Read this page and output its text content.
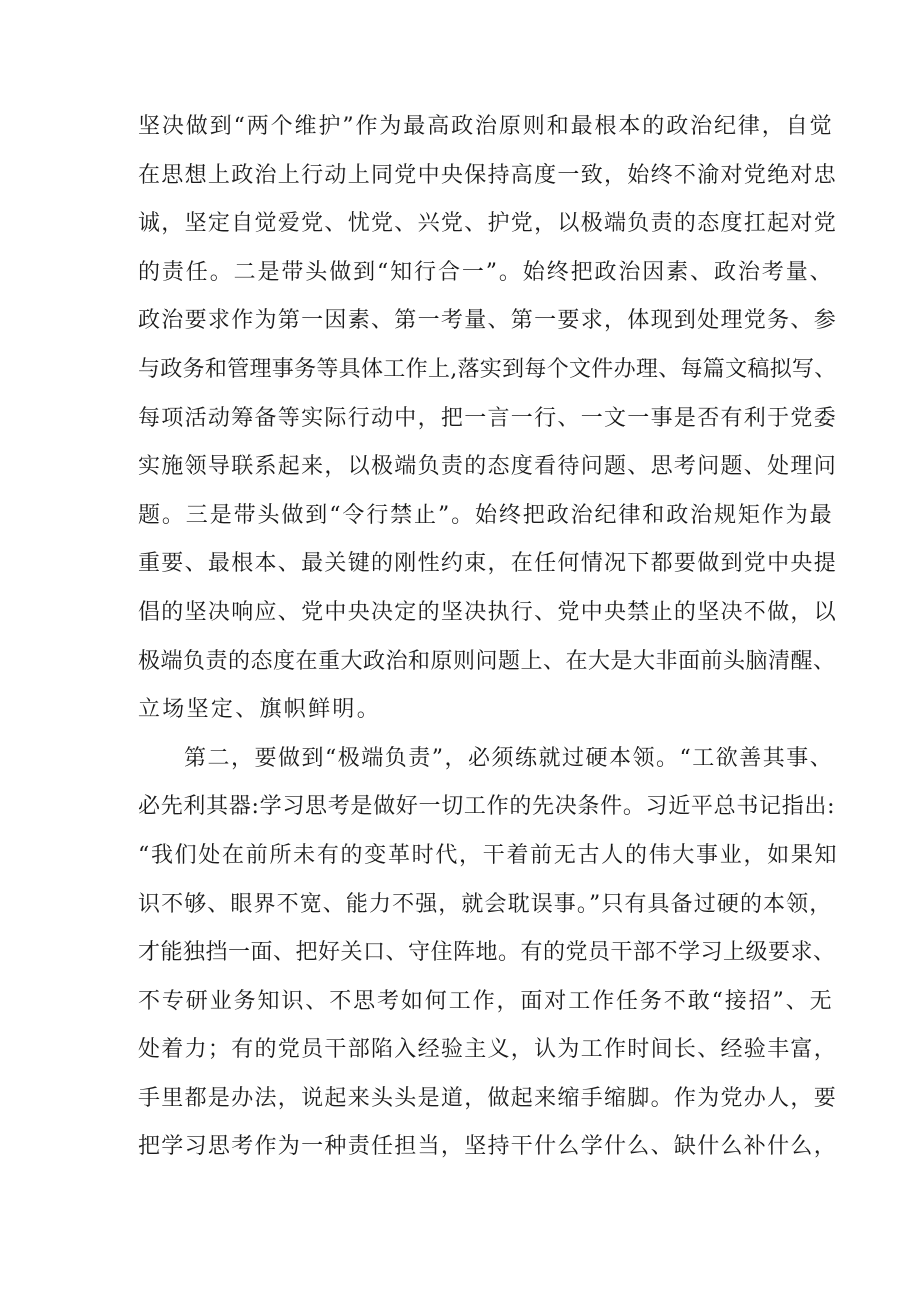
坚决做到“两个维护”作为最高政治原则和最根本的政治纪律，自觉
在思想上政治上行动上同党中央保持高度一致，始终不渝对党绝对忠
诚，坚定自觉爱党、忧党、兴党、护党，以极端负责的态度扛起对党
的责任。二是带头做到“知行合一”。始终把政治因素、政治考量、
政治要求作为第一因素、第一考量、第一要求，体现到处理党务、参
与政务和管理事务等具体工作上,落实到每个文件办理、每篇文稿拟写、
每项活动筹备等实际行动中，把一言一行、一文一事是否有利于党委
实施领导联系起来，以极端负责的态度看待问题、思考问题、处理问
题。三是带头做到“令行禁止”。始终把政治纪律和政治规矩作为最
重要、最根本、最关键的刚性约束，在任何情况下都要做到党中央提
倡的坚决响应、党中央决定的坚决执行、党中央禁止的坚决不做，以
极端负责的态度在重大政治和原则问题上、在大是大非面前头脑清醒、
立场坚定、旗帜鲜明。
第二，要做到“极端负责”，必须练就过硬本领。“工欲善其事、
必先利其器:学习思考是做好一切工作的先决条件。习近平总书记指出:
“我们处在前所未有的变革时代，干着前无古人的伟大事业，如果知
识不够、眼界不宽、能力不强，就会耽误事。”只有具备过硬的本领，
才能独挡一面、把好关口、守住阵地。有的党员干部不学习上级要求、
不专研业务知识、不思考如何工作，面对工作任务不敢“接招”、无
处着力；有的党员干部陷入经验主义，认为工作时间长、经验丰富，
手里都是办法，说起来头头是道，做起来缩手缩脚。作为党办人，要
把学习思考作为一种责任担当，坚持干什么学什么、缺什么补什么，
